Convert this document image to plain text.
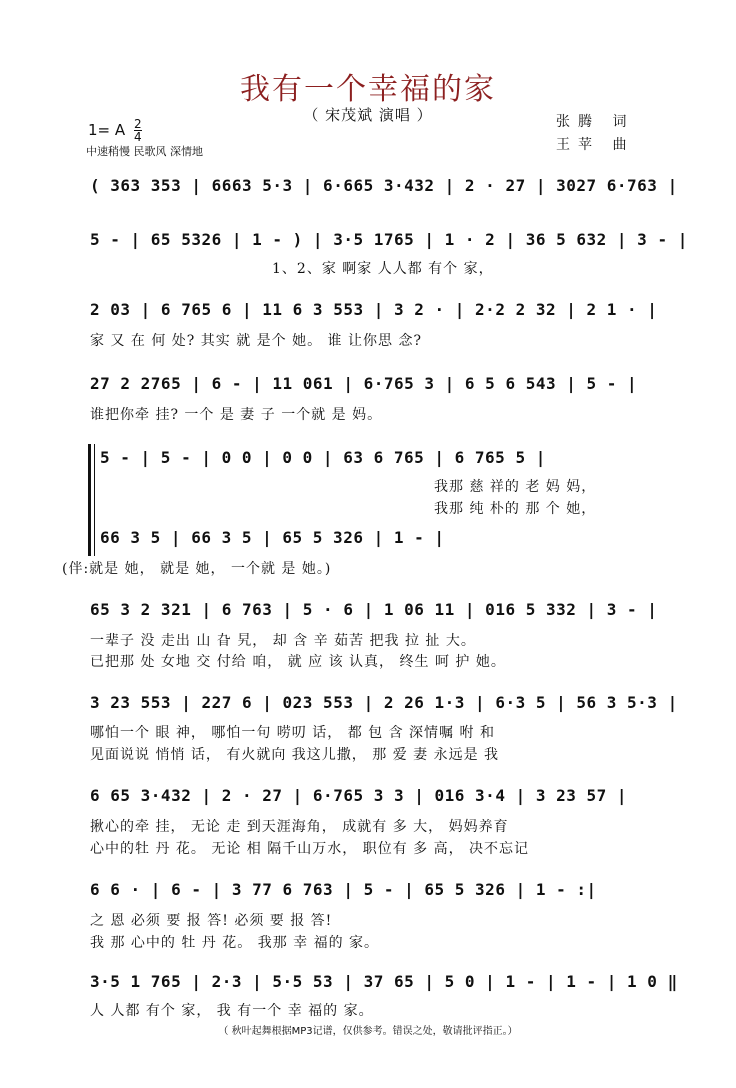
我有一个幸福的家
（ 宋茂斌 演唱 ）
1= A $\frac{2}{4}$
中速稍慢 民歌风 深情地
张腾 词
王苹 曲
( 363 353 | 6663 5·3 | 6·665 3·432 | 2 · 27 | 3027 6·763 |
5 - | 65 5326 | 1 - ) | 3·5 1765 | 1 · 2 | 36 5 632 | 3 - |
1、2、家 啊家 人人都 有个 家，
2 03 | 6 765 6 | 11 6 3 553 | 3 2 · | 2·2 2 32 | 2 1 · |
家 又 在 何 处? 其实 就 是个 她。 谁 让你思 念?
27 2 2765 | 6 - | 11 061 | 6·765 3 | 6 5 6 543 | 5 - |
谁把你牵 挂? 一个 是 妻 子 一个就 是 妈。
5 - | 5 - | 0 0 | 0 0 | 63 6 765 | 6 765 5 |
我那 慈 祥的 老 妈 妈，
我那 纯 朴的 那 个 她，
66 3 5 | 66 3 5 | 65 5 326 | 1 - |
(伴:就是 她， 就是 她， 一个就 是 她。)
65 3 2 321 | 6 763 | 5 · 6 | 1 06 11 | 016 5 332 | 3 - |
一辈子 没 走出 山 旮 旯， 却 含 辛 茹苦 把我 拉 扯 大。
已把那 处 女地 交 付给 咱， 就 应 该 认真， 终生 呵 护 她。
3 23 553 | 227 6 | 023 553 | 2 26 1·3 | 6·3 5 | 56 3 5·3 |
哪怕一个 眼 神， 哪怕一句 唠叨 话， 都 包 含 深情嘱 咐 和
见面说说 悄悄 话， 有火就向 我这儿撒， 那 爱 妻 永远是 我
6 65 3·432 | 2 · 27 | 6·765 3 3 | 016 3·4 | 3 23 57 |
揪心的牵 挂， 无论 走 到天涯海角， 成就有 多 大， 妈妈养育
心中的牡 丹 花。 无论 相 隔千山万水， 职位有 多 高， 决不忘记
6 6 · | 6 - | 3 77 6 763 | 5 - | 65 5 326 | 1 - :|
之 恩 必须 要 报 答! 必须 要 报 答!
我 那 心中的 牡 丹 花。 我那 幸 福的 家。
3·5 1 765 | 2·3 | 5·5 53 | 37 65 | 5 0 | 1 - | 1 - | 1 0 ‖
人 人都 有个 家， 我 有一个 幸 福的 家。
（ 秋叶起舞根据MP3记谱，仅供参考。错误之处，敬请批评指正。）
